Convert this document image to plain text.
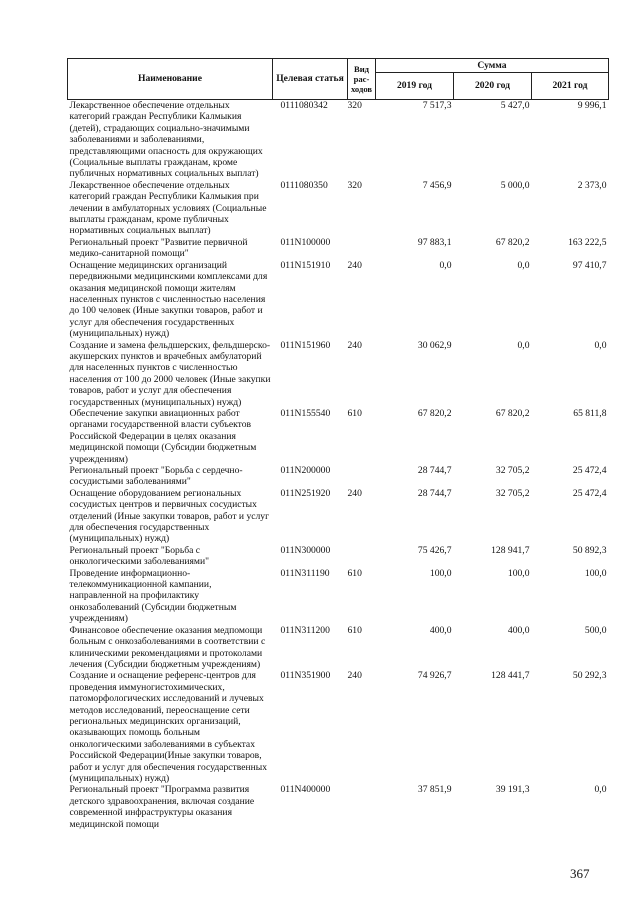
Наименование	Целевая статья	Вид рас-ходов	Сумма		
			2019 год	2020 год	2021 год
Лекарственное обеспечение отдельных категорий граждан Республики Калмыкия (детей), страдающих социально-значимыми заболеваниями и заболеваниями, представляющими опасность для окружающих (Социальные выплаты гражданам, кроме публичных нормативных социальных выплат)	0111080342	320	7 517,3	5 427,0	9 996,1
Лекарственное обеспечение отдельных категорий граждан Республики Калмыкия при лечении в амбулаторных условиях (Социальные выплаты гражданам, кроме публичных нормативных социальных выплат)	0111080350	320	7 456,9	5 000,0	2 373,0
Региональный проект "Развитие первичной медико-санитарной помощи"	011N100000		97 883,1	67 820,2	163 222,5
Оснащение медицинских организаций передвижными медицинскими комплексами для оказания медицинской помощи жителям населенных пунктов с численностью населения до 100 человек (Иные закупки товаров, работ и услуг для обеспечения государственных (муниципальных) нужд)	011N151910	240	0,0	0,0	97 410,7
Создание и замена фельдшерских, фельдшерско-акушерских пунктов и врачебных амбулаторий для населенных пунктов с численностью населения от 100 до 2000 человек (Иные закупки товаров, работ и услуг для обеспечения государственных (муниципальных) нужд)	011N151960	240	30 062,9	0,0	0,0
Обеспечение закупки авиационных работ органами государственной власти субъектов Российской Федерации в целях оказания медицинской помощи (Субсидии бюджетным учреждениям)	011N155540	610	67 820,2	67 820,2	65 811,8
Региональный проект "Борьба с сердечно-сосудистыми заболеваниями"	011N200000		28 744,7	32 705,2	25 472,4
Оснащение оборудованием региональных сосудистых центров и первичных сосудистых отделений (Иные закупки товаров, работ и услуг для обеспечения государственных (муниципальных) нужд)	011N251920	240	28 744,7	32 705,2	25 472,4
Региональный проект "Борьба с онкологическими заболеваниями"	011N300000		75 426,7	128 941,7	50 892,3
Проведение информационно-телекоммуникационной кампании, направленной на профилактику онкозаболеваний (Субсидии бюджетным учреждениям)	011N311190	610	100,0	100,0	100,0
Финансовое обеспечение оказания медпомощи больным с онкозаболеваниями в соответствии с клиническими рекомендациями и протоколами лечения (Субсидии бюджетным учреждениям)	011N311200	610	400,0	400,0	500,0
Создание и оснащение референс-центров для проведения иммуногистохимических, патоморфологических исследований и лучевых методов исследований, переоснащение сети региональных медицинских организаций, оказывающих помощь больным онкологическими заболеваниями в субъектах Российской Федерации(Иные закупки товаров, работ и услуг для обеспечения государственных (муниципальных) нужд)	011N351900	240	74 926,7	128 441,7	50 292,3
Региональный проект "Программа развития детского здравоохранения, включая создание современной инфраструктуры оказания медицинской помощи	011N400000		37 851,9	39 191,3	0,0
367
